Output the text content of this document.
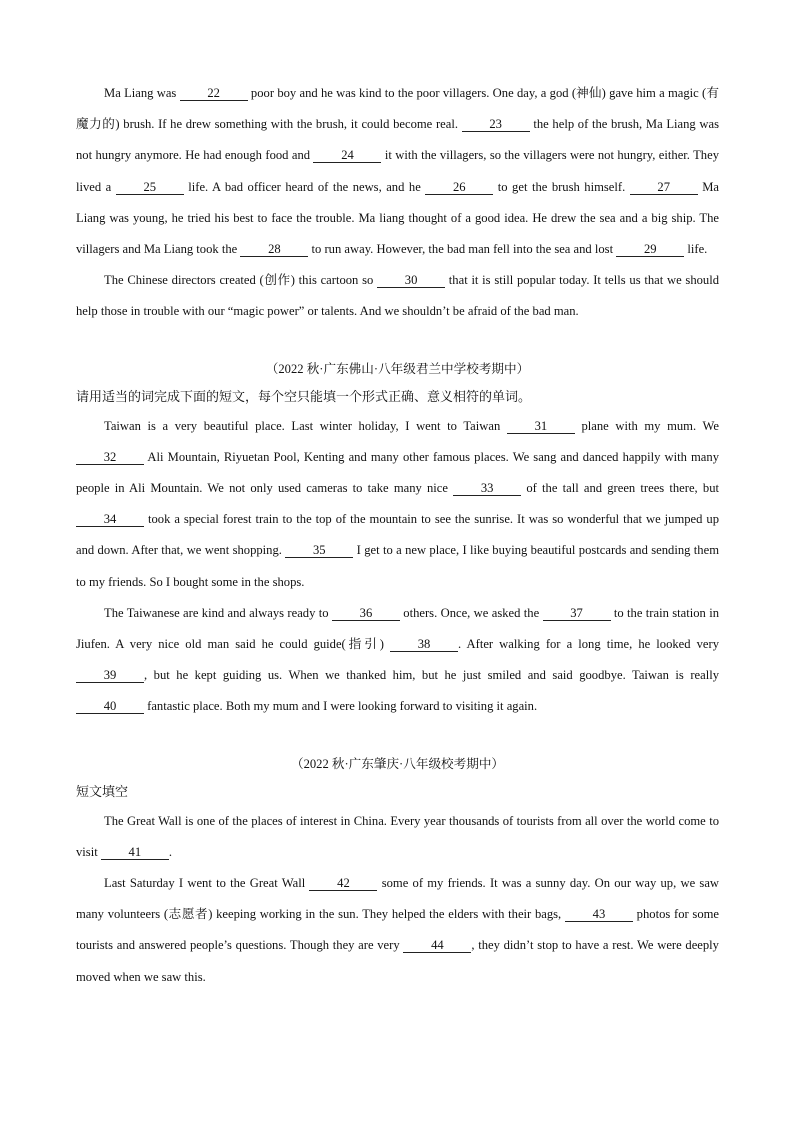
Ma Liang was 22 poor boy and he was kind to the poor villagers. One day, a god (神仙) gave him a magic (有魔力的) brush. If he drew something with the brush, it could become real. 23 the help of the brush, Ma Liang was not hungry anymore. He had enough food and 24 it with the villagers, so the villagers were not hungry, either. They lived a 25 life. A bad officer heard of the news, and he 26 to get the brush himself. 27 Ma Liang was young, he tried his best to face the trouble. Ma liang thought of a good idea. He drew the sea and a big ship. The villagers and Ma Liang took the 28 to run away. However, the bad man fell into the sea and lost 29 life.

The Chinese directors created (创作) this cartoon so 30 that it is still popular today. It tells us that we should help those in trouble with our “magic power” or talents. And we shouldn’t be afraid of the bad man.

（2022 秋·广东佛山·八年级君兰中学校考期中）

请用适当的词完成下面的短文，每个空只能填一个形式正确、意义相符的单词。

Taiwan is a very beautiful place. Last winter holiday, I went to Taiwan 31 plane with my mum. We 32 Ali Mountain, Riyuetan Pool, Kenting and many other famous places. We sang and danced happily with many people in Ali Mountain. We not only used cameras to take many nice 33 of the tall and green trees there, but 34 took a special forest train to the top of the mountain to see the sunrise. It was so wonderful that we jumped up and down. After that, we went shopping. 35 I get to a new place, I like buying beautiful postcards and sending them to my friends. So I bought some in the shops.

The Taiwanese are kind and always ready to 36 others. Once, we asked the 37 to the train station in Jiufen. A very nice old man said he could guide(指引) 38 . After walking for a long time, he looked very 39 , but he kept guiding us. When we thanked him, but he just smiled and said goodbye. Taiwan is really 40 fantastic place. Both my mum and I were looking forward to visiting it again.

（2022 秋·广东肇庆·八年级校考期中）

短文填空

The Great Wall is one of the places of interest in China. Every year thousands of tourists from all over the world come to visit 41 .

Last Saturday I went to the Great Wall 42 some of my friends. It was a sunny day. On our way up, we saw many volunteers (志愿者) keeping working in the sun. They helped the elders with their bags, 43 photos for some tourists and answered people’s questions. Though they are very 44 , they didn’t stop to have a rest. We were deeply moved when we saw this.
